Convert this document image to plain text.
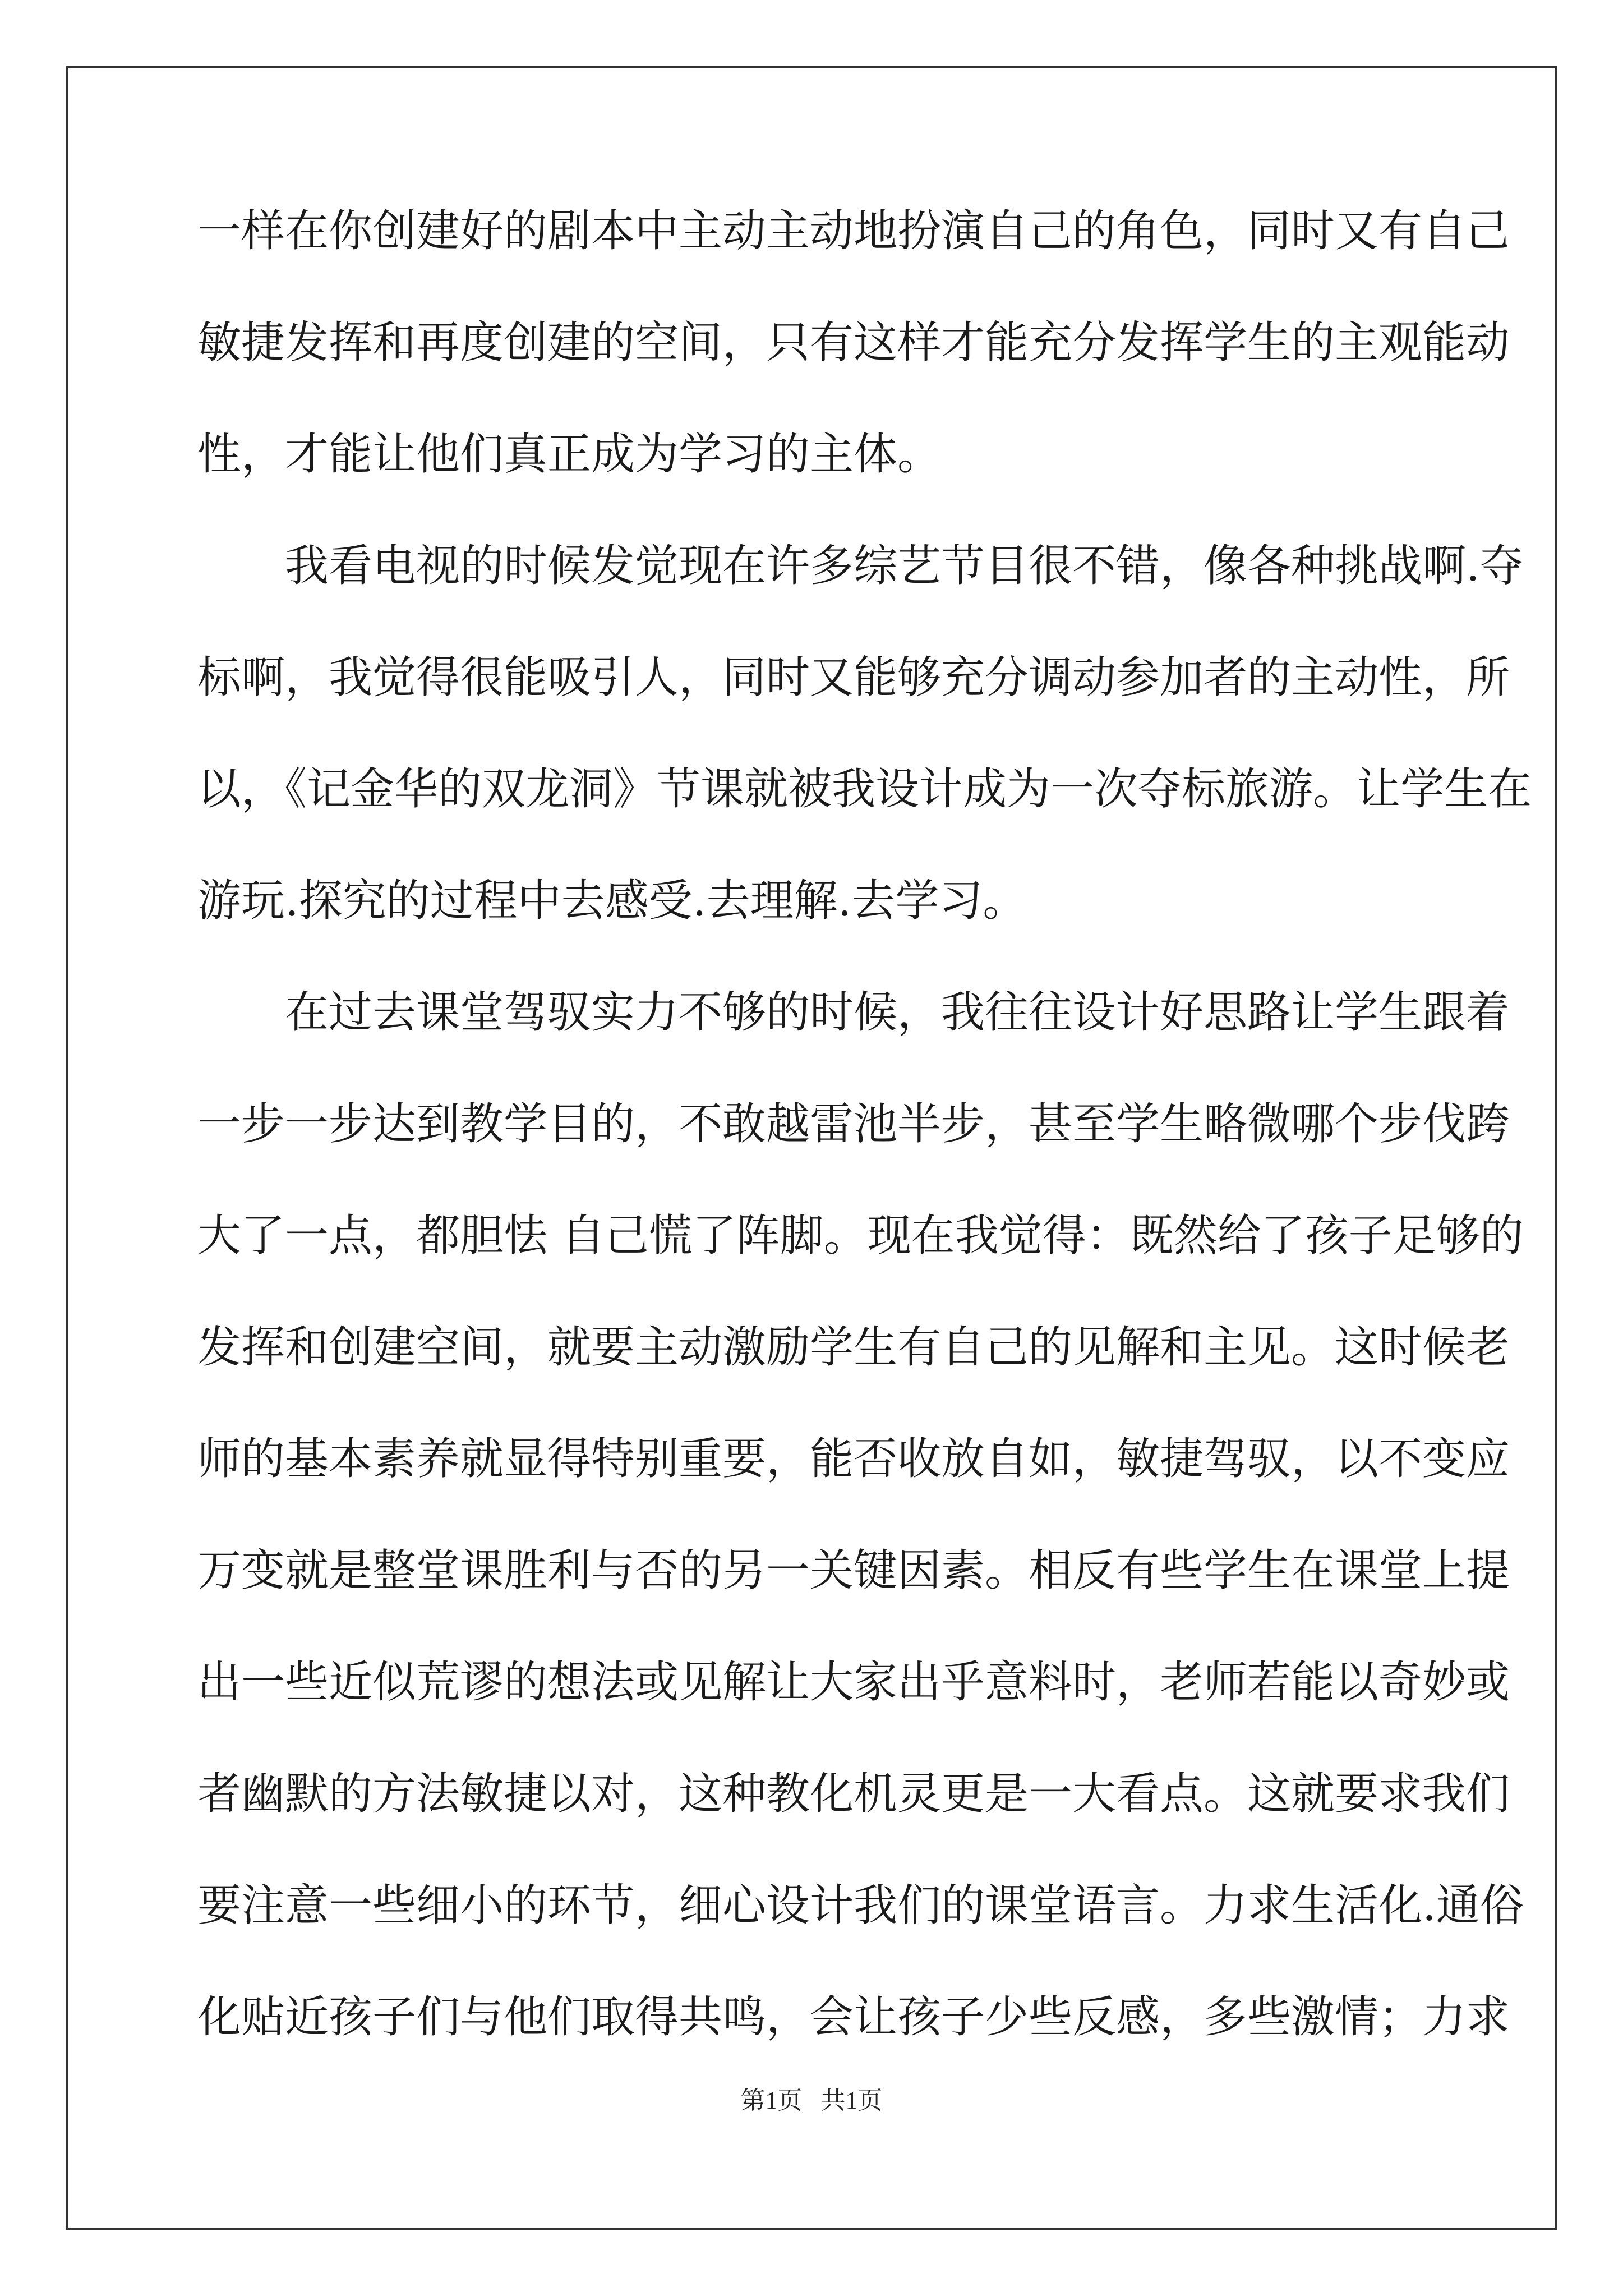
一样在你创建好的剧本中主动主动地扮演自己的角色，同时又有自己
敏捷发挥和再度创建的空间，只有这样才能充分发挥学生的主观能动
性，才能让他们真正成为学习的主体。
我看电视的时候发觉现在许多综艺节目很不错，像各种挑战啊.夺
标啊，我觉得很能吸引人，同时又能够充分调动参加者的主动性，所
以，《记金华的双龙洞》节课就被我设计成为一次夺标旅游。让学生在
游玩.探究的过程中去感受.去理解.去学习。
在过去课堂驾驭实力不够的时候，我往往设计好思路让学生跟着
一步一步达到教学目的，不敢越雷池半步，甚至学生略微哪个步伐跨
大了一点，都胆怯 自己慌了阵脚。现在我觉得：既然给了孩子足够的
发挥和创建空间，就要主动激励学生有自己的见解和主见。这时候老
师的基本素养就显得特别重要，能否收放自如，敏捷驾驭，以不变应
万变就是整堂课胜利与否的另一关键因素。相反有些学生在课堂上提
出一些近似荒谬的想法或见解让大家出乎意料时，老师若能以奇妙或
者幽默的方法敏捷以对，这种教化机灵更是一大看点。这就要求我们
要注意一些细小的环节，细心设计我们的课堂语言。力求生活化.通俗
化贴近孩子们与他们取得共鸣，会让孩子少些反感，多些激情；力求
第1页 共1页
